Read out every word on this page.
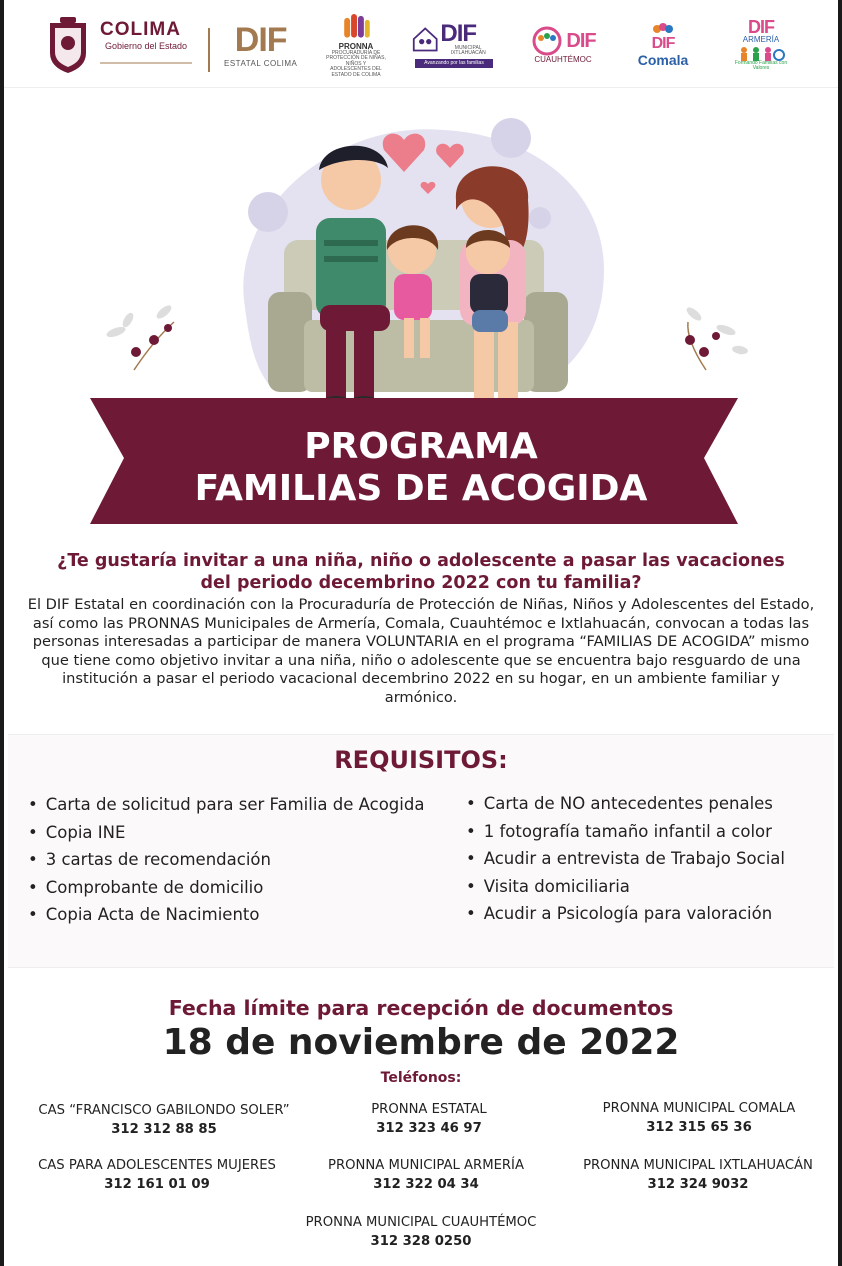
COLIMA
Gobierno del Estado DIF
ESTATAL COLIMA
PRONNA
PROCURADURÍA DE PROTECCIÓN DE NIÑAS, NIÑOS Y ADOLESCENTES DEL ESTADO DE COLIMA
DIF
MUNICIPAL IXTLAHUACÁN
Avanzando por las familias
DIF
CUAUHTÉMOC
DIF
Comala
DIF
ARMERÍA
Formando Familias con Valores
PROGRAMA
FAMILIAS DE ACOGIDA
¿Te gustaría invitar a una niña, niño o adolescente a pasar las vacaciones del periodo decembrino 2022 con tu familia?
El DIF Estatal en coordinación con la Procuraduría de Protección de Niñas, Niños y Adolescentes del Estado, así como las PRONNAS Municipales de Armería, Comala, Cuauhtémoc e Ixtlahuacán, convocan a todas las personas interesadas a participar de manera VOLUNTARIA en el programa “FAMILIAS DE ACOGIDA” mismo que tiene como objetivo invitar a una niña, niño o adolescente que se encuentra bajo resguardo de una institución a pasar el periodo vacacional decembrino 2022 en su hogar, en un ambiente familiar y armónico.
REQUISITOS:
• Carta de solicitud para ser Familia de Acogida
• Copia INE
• 3 cartas de recomendación
• Comprobante de domicilio
• Copia Acta de Nacimiento
• Carta de NO antecedentes penales
• 1 fotografía tamaño infantil a color
• Acudir a entrevista de Trabajo Social
• Visita domiciliaria
• Acudir a Psicología para valoración
Fecha límite para recepción de documentos
18 de noviembre de 2022
Teléfonos:
CAS “FRANCISCO GABILONDO SOLER”
312 312 88 85
PRONNA ESTATAL
312 323 46 97
PRONNA MUNICIPAL COMALA
312 315 65 36
CAS PARA ADOLESCENTES MUJERES
312 161 01 09
PRONNA MUNICIPAL ARMERÍA
312 322 04 34
PRONNA MUNICIPAL IXTLAHUACÁN
312 324 9032
PRONNA MUNICIPAL CUAUHTÉMOC
312 328 0250
